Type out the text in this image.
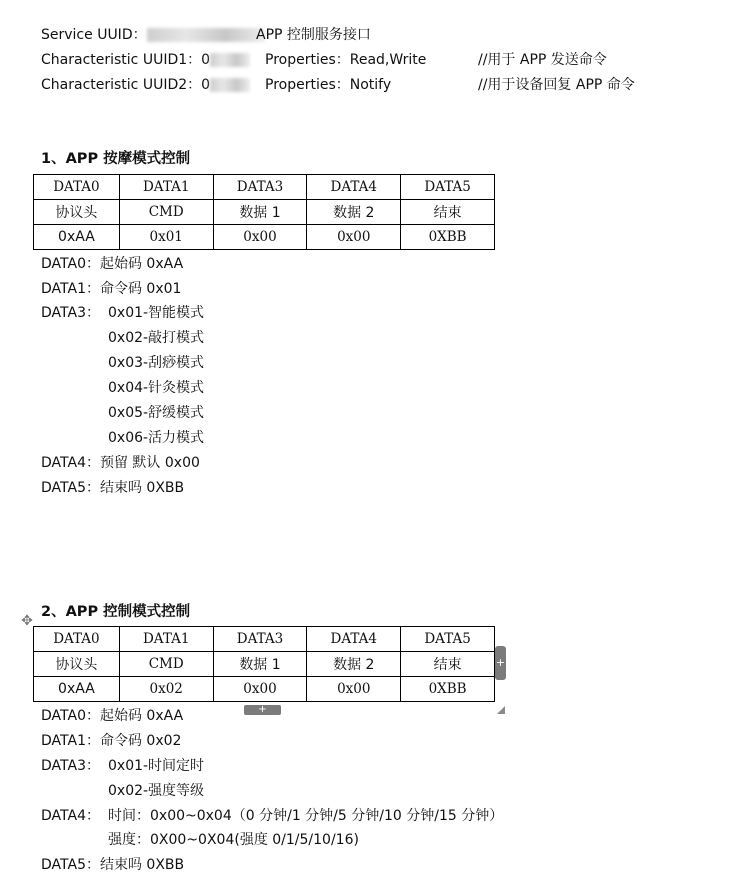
Service UUID：	APP 控制服务接口
Characteristic UUID1：0	Properties：Read,Write	//用于 APP 发送命令
Characteristic UUID2：0	Properties：Notify	//用于设备回复 APP 命令
1、APP 按摩模式控制
DATA0	DATA1	DATA3	DATA4	DATA5
协议头	CMD	数据 1	数据 2	结束
0xAA	0x01	0x00	0x00	0XBB
DATA0：起始码 0xAA
DATA1：命令码 0x01
DATA3： 0x01-智能模式
0x02-敲打模式
0x03-刮痧模式
0x04-针灸模式
0x05-舒缓模式
0x06-活力模式
DATA4：预留 默认 0x00
DATA5：结束吗 0XBB
✥
2、APP 控制模式控制
DATA0	DATA1	DATA3	DATA4	DATA5
协议头	CMD	数据 1	数据 2	结束
0xAA	0x02	0x00	0x00	0XBB
+
+
DATA0：起始码 0xAA
DATA1：命令码 0x02
DATA3： 0x01-时间定时
0x02-强度等级
DATA4： 时间：0x00~0x04（0 分钟/1 分钟/5 分钟/10 分钟/15 分钟）
强度：0X00~0X04(强度 0/1/5/10/16)
DATA5：结束吗 0XBB
